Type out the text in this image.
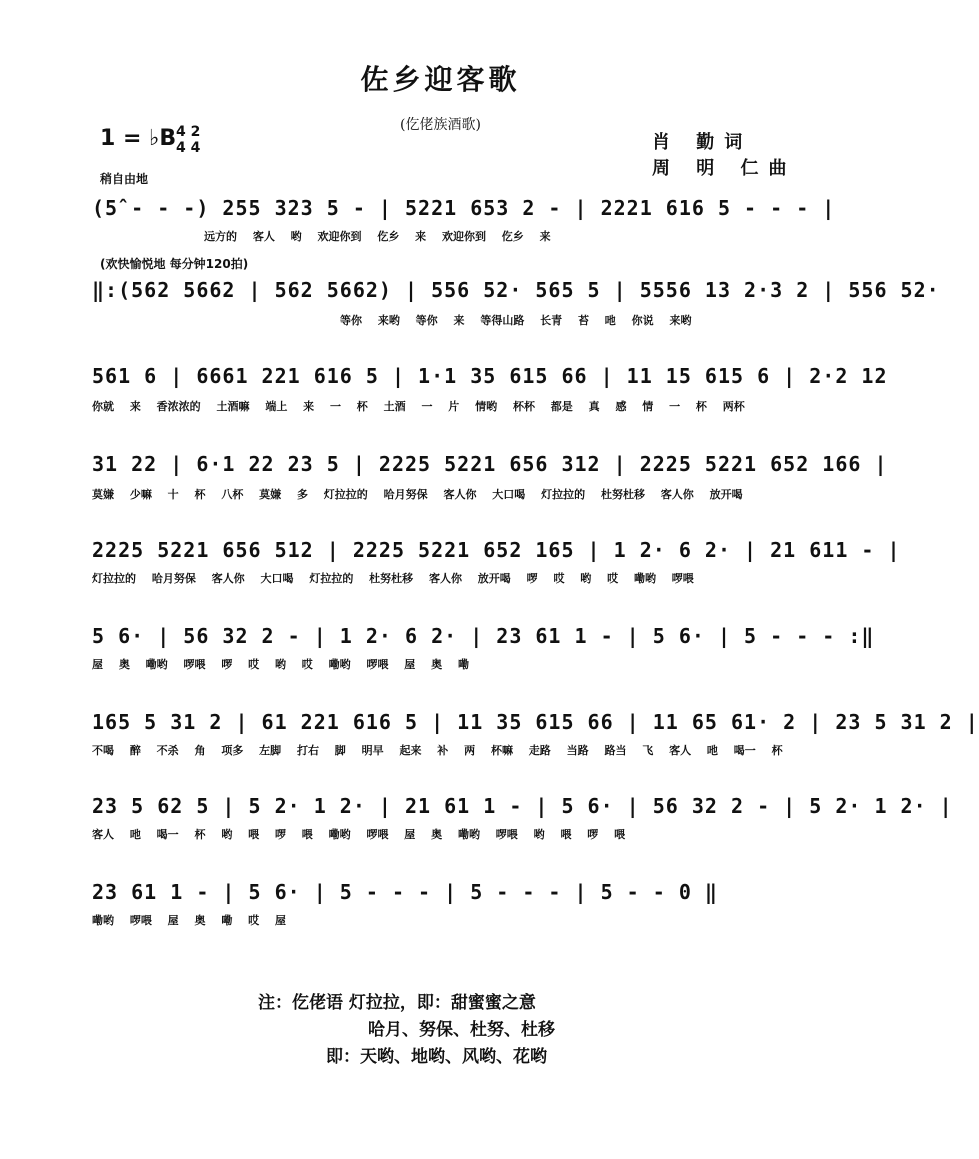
佐乡迎客歌
(仡佬族酒歌)
1 = ♭B 4 2
4 4	肖 勤词
周 明 仁曲
稍自由地
(5̂ - - -) 255 323 5 - | 5221 653 2 - | 2221 616 5 - - - |
远方的 客人 哟 欢迎你到 仡乡 来 欢迎你到 仡乡 来
(欢快愉悦地 每分钟120拍)
‖:(562 5662 | 562 5662) | 556 52· 565 5 | 5556 13 2·3 2 | 556 52·
等你 来哟 等你 来 等得山路 长青 苔 吔 你说 来哟
561 6 | 6661 221 616 5 | 1·1 35 615 66 | 11 15 615 6 | 2·2 12
你就 来 香浓浓的 土酒嘛 端上 来 一 杯 土酒 一 片 情哟 杯杯 都是 真 感 情 一 杯 两杯
31 22 | 6·1 22 23 5 | 2225 5221 656 312 | 2225 5221 652 166 |
莫嫌 少嘛 十 杯 八杯 莫嫌 多 灯拉拉的 哈月努保 客人你 大口喝 灯拉拉的 杜努杜移 客人你 放开喝
2225 5221 656 512 | 2225 5221 652 165 | 1 2· 6 2· | 21 611 - |
灯拉拉的 哈月努保 客人你 大口喝 灯拉拉的 杜努杜移 客人你 放开喝 啰 哎 哟 哎 嘞哟 啰喂
5 6· | 56 32 2 - | 1 2· 6 2· | 23 61 1 - | 5 6· | 5 - - - :‖
屋 奥 嘞哟 啰喂 啰 哎 哟 哎 嘞哟 啰喂 屋 奥 嘞
165 5 31 2 | 61 221 616 5 | 11 35 615 66 | 11 65 61· 2 | 23 5 31 2 |
不喝 醉 不杀 角 项多 左脚 打右 脚 明早 起来 补 两 杯嘛 走路 当路 路当 飞 客人 吔 喝一 杯
23 5 62 5 | 5 2· 1 2· | 21 61 1 - | 5 6· | 56 32 2 - | 5 2· 1 2· |
客人 吔 喝一 杯 哟 喂 啰 喂 嘞哟 啰喂 屋 奥 嘞哟 啰喂 哟 喂 啰 喂
23 61 1 - | 5 6· | 5 - - - | 5 - - - | 5 - - 0 ‖
嘞哟 啰喂 屋 奥 嘞 哎 屋
注：仡佬语 灯拉拉，即：甜蜜蜜之意
哈月、努保、杜努、杜移
即：天哟、地哟、风哟、花哟
